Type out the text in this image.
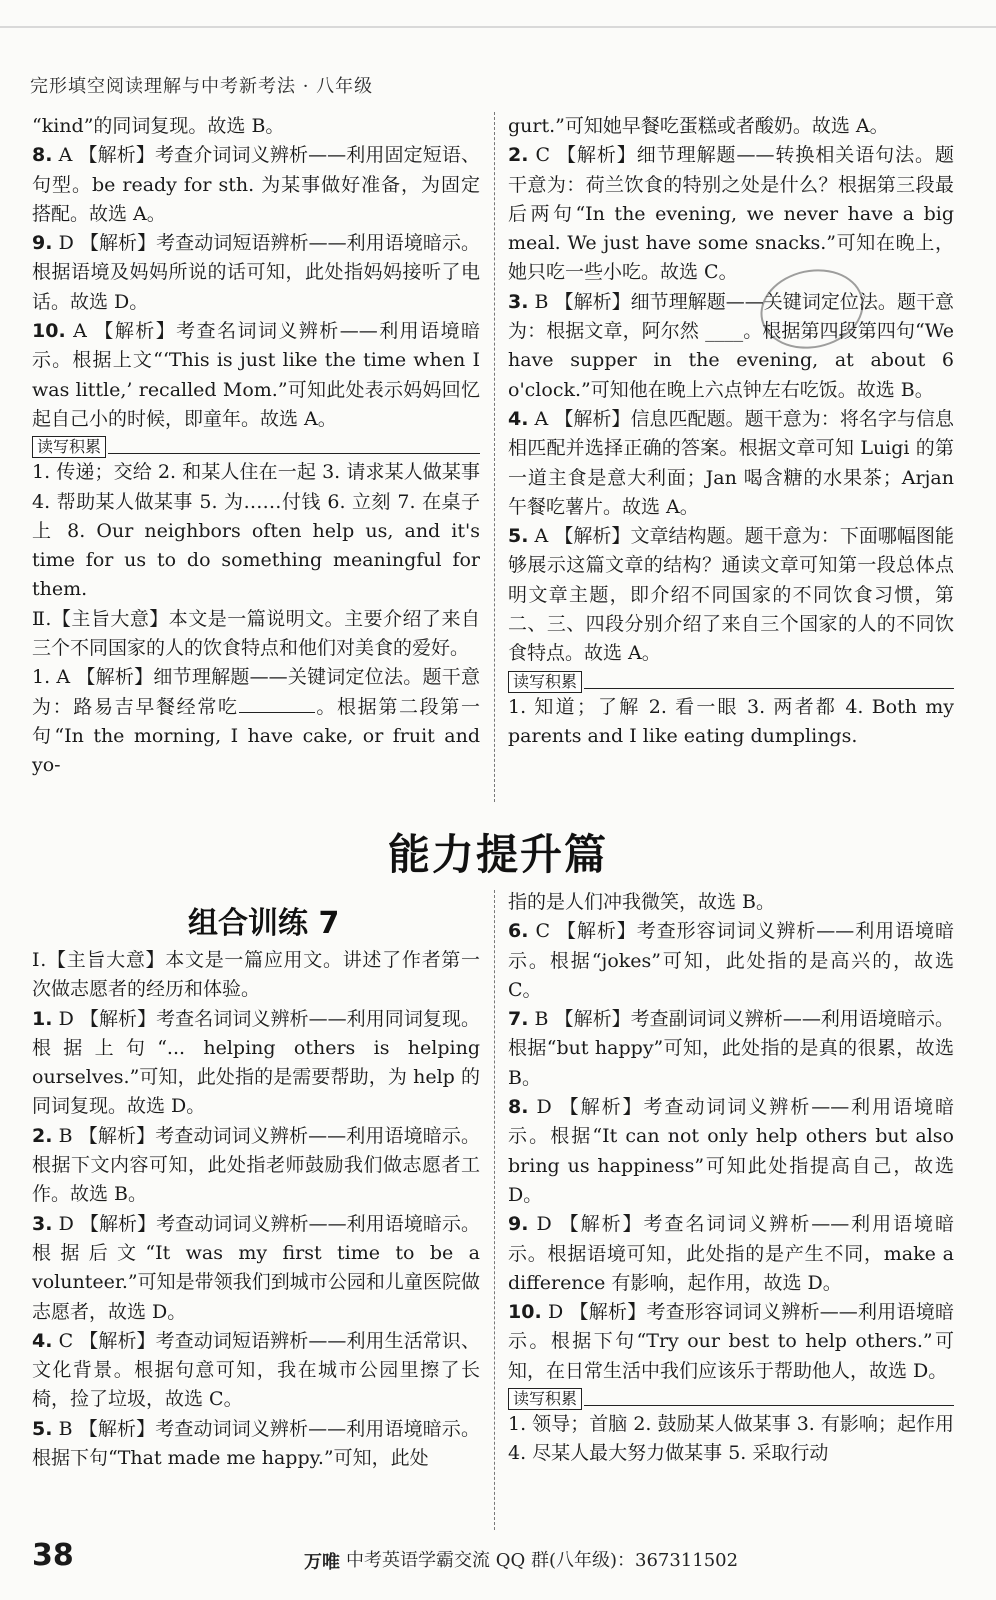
完形填空阅读理解与中考新考法 · 八年级

“kind”的同词复现。故选 B。

8. A 【解析】考查介词词义辨析——利用固定短语、句型。be ready for sth. 为某事做好准备，为固定搭配。故选 A。

9. D 【解析】考查动词短语辨析——利用语境暗示。根据语境及妈妈所说的话可知，此处指妈妈接听了电话。故选 D。

10. A 【解析】考查名词词义辨析——利用语境暗示。根据上文“‘This is just like the time when I was little,’ recalled Mom.”可知此处表示妈妈回忆起自己小的时候，即童年。故选 A。

读写积累

1. 传递；交给 2. 和某人住在一起 3. 请求某人做某事 4. 帮助某人做某事 5. 为……付钱 6. 立刻 7. 在桌子上 8. Our neighbors often help us, and it's time for us to do something meaningful for them.

Ⅱ.【主旨大意】本文是一篇说明文。主要介绍了来自三个不同国家的人的饮食特点和他们对美食的爱好。

1. A 【解析】细节理解题——关键词定位法。题干意为：路易吉早餐经常吃	。根据第二段第一句“In the morning, I have cake, or fruit and yo-

gurt.”可知她早餐吃蛋糕或者酸奶。故选 A。

2. C 【解析】细节理解题——转换相关语句法。题干意为：荷兰饮食的特别之处是什么？根据第三段最后两句“In the evening, we never have a big meal. We just have some snacks.”可知在晚上，她只吃一些小吃。故选 C。

3. B 【解析】细节理解题——关键词定位法。题干意为：根据文章，阿尔然 ____。根据第四段第四句“We have supper in the evening, at about 6 o'clock.”可知他在晚上六点钟左右吃饭。故选 B。

4. A 【解析】信息匹配题。题干意为：将名字与信息相匹配并选择正确的答案。根据文章可知 Luigi 的第一道主食是意大利面；Jan 喝含糖的水果茶；Arjan 午餐吃薯片。故选 A。

5. A 【解析】文章结构题。题干意为：下面哪幅图能够展示这篇文章的结构？通读文章可知第一段总体点明文章主题，即介绍不同国家的不同饮食习惯，第二、三、四段分别介绍了来自三个国家的人的不同饮食特点。故选 A。

读写积累

1. 知道；了解 2. 看一眼 3. 两者都 4. Both my parents and I like eating dumplings.

能力提升篇
组合训练 7

Ⅰ.【主旨大意】本文是一篇应用文。讲述了作者第一次做志愿者的经历和体验。

1. D 【解析】考查名词词义辨析——利用同词复现。根据上句“... helping others is helping ourselves.”可知，此处指的是需要帮助，为 help 的同词复现。故选 D。

2. B 【解析】考查动词词义辨析——利用语境暗示。根据下文内容可知，此处指老师鼓励我们做志愿者工作。故选 B。

3. D 【解析】考查动词词义辨析——利用语境暗示。根据后文“It was my first time to be a volunteer.”可知是带领我们到城市公园和儿童医院做志愿者，故选 D。

4. C 【解析】考查动词短语辨析——利用生活常识、文化背景。根据句意可知，我在城市公园里擦了长椅，捡了垃圾，故选 C。

5. B 【解析】考查动词词义辨析——利用语境暗示。根据下句“That made me happy.”可知，此处

指的是人们冲我微笑，故选 B。

6. C 【解析】考查形容词词义辨析——利用语境暗示。根据“jokes”可知，此处指的是高兴的，故选 C。

7. B 【解析】考查副词词义辨析——利用语境暗示。根据“but happy”可知，此处指的是真的很累，故选 B。

8. D 【解析】考查动词词义辨析——利用语境暗示。根据“It can not only help others but also bring us happiness”可知此处指提高自己，故选 D。

9. D 【解析】考查名词词义辨析——利用语境暗示。根据语境可知，此处指的是产生不同，make a difference 有影响，起作用，故选 D。

10. D 【解析】考查形容词词义辨析——利用语境暗示。根据下句“Try our best to help others.”可知，在日常生活中我们应该乐于帮助他人，故选 D。

读写积累

1. 领导；首脑 2. 鼓励某人做某事 3. 有影响；起作用 4. 尽某人最大努力做某事 5. 采取行动

38	万唯 中考英语学霸交流 QQ 群(八年级)：367311502
